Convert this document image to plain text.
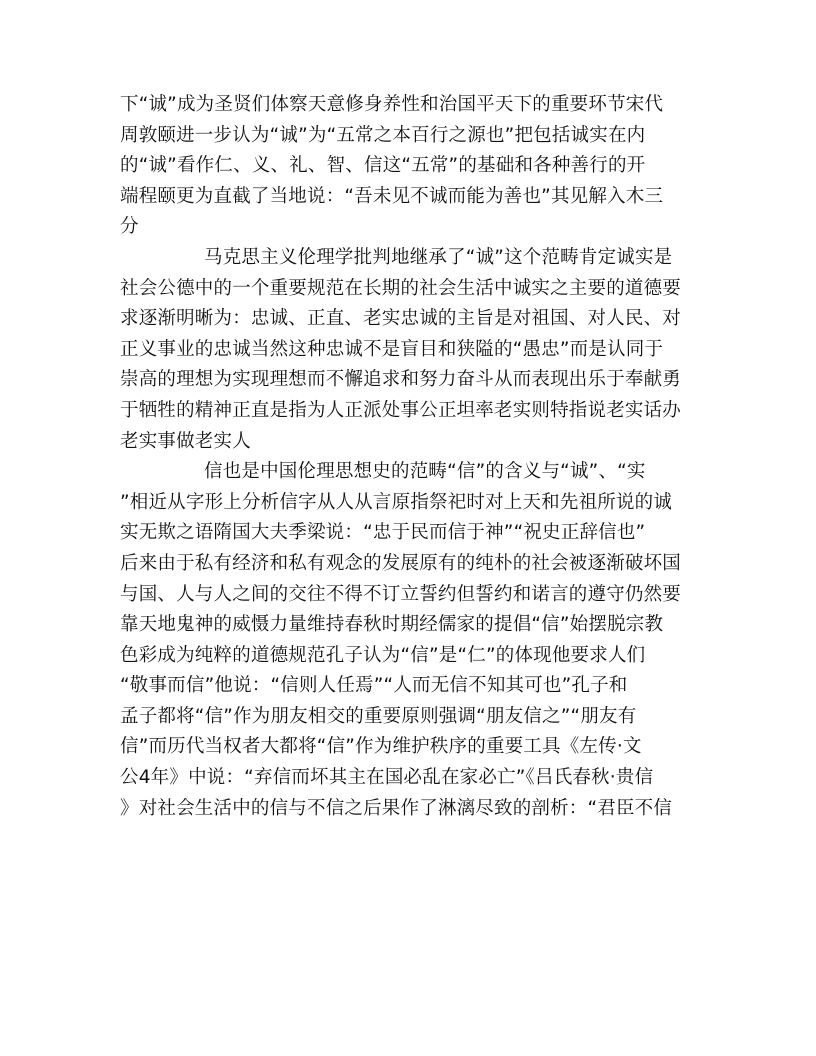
下“诚”成为圣贤们体察天意修身养性和治国平天下的重要环节宋代
周敦颐进一步认为“诚”为“五常之本百行之源也”把包括诚实在内
的“诚”看作仁、义、礼、智、信这“五常”的基础和各种善行的开
端程颐更为直截了当地说：“吾未见不诚而能为善也”其见解入木三
分
马克思主义伦理学批判地继承了“诚”这个范畴肯定诚实是
社会公德中的一个重要规范在长期的社会生活中诚实之主要的道德要
求逐渐明晰为：忠诚、正直、老实忠诚的主旨是对祖国、对人民、对
正义事业的忠诚当然这种忠诚不是盲目和狭隘的“愚忠”而是认同于
崇高的理想为实现理想而不懈追求和努力奋斗从而表现出乐于奉献勇
于牺牲的精神正直是指为人正派处事公正坦率老实则特指说老实话办
老实事做老实人
信也是中国伦理思想史的范畴“信”的含义与“诚”、“实
”相近从字形上分析信字从人从言原指祭祀时对上天和先祖所说的诚
实无欺之语隋国大夫季梁说：“忠于民而信于神”“祝史正辞信也”
后来由于私有经济和私有观念的发展原有的纯朴的社会被逐渐破坏国
与国、人与人之间的交往不得不订立誓约但誓约和诺言的遵守仍然要
靠天地鬼神的威慑力量维持春秋时期经儒家的提倡“信”始摆脱宗教
色彩成为纯粹的道德规范孔子认为“信”是“仁”的体现他要求人们
“敬事而信”他说：“信则人任焉”“人而无信不知其可也”孔子和
孟子都将“信”作为朋友相交的重要原则强调“朋友信之”“朋友有
信”而历代当权者大都将“信”作为维护秩序的重要工具《左传·文
公4年》中说：“弃信而坏其主在国必乱在家必亡”《吕氏春秋·贵信
》对社会生活中的信与不信之后果作了淋漓尽致的剖析：“君臣不信
